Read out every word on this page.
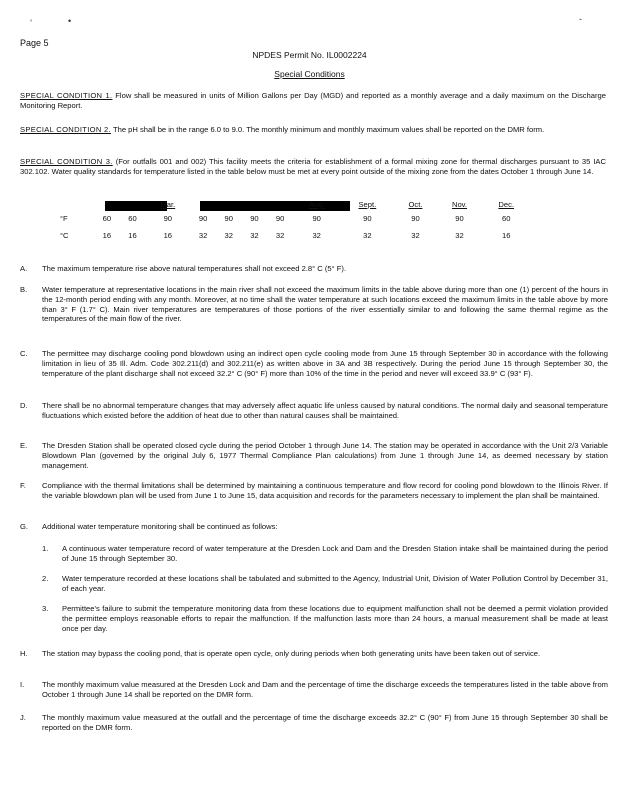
’	•	-
Page 5
NPDES Permit No. IL0002224
Special Conditions
SPECIAL CONDITION 1. Flow shall be measured in units of Million Gallons per Day (MGD) and reported as a monthly average and a daily maximum on the Discharge Monitoring Report.
SPECIAL CONDITION 2. The pH shall be in the range 6.0 to 9.0. The monthly minimum and monthly maximum values shall be reported on the DMR form.
SPECIAL CONDITION 3. (For outfalls 001 and 002) This facility meets the criteria for establishment of a formal mixing zone for thermal discharges pursuant to 35 IAC 302.102. Water quality standards for temperature listed in the table below must be met at every point outside of the mixing zone from the dates October 1 through June 14.
			Mar.					Aug.	Sept.	Oct.	Nov.	Dec.
°F	60	60	90	90	90	90	90	90	90	90	90	60
°C	16	16	16	32	32	32	32	32	32	32	32	16
A. The maximum temperature rise above natural temperatures shall not exceed 2.8° C (5° F).
B. Water temperature at representative locations in the main river shall not exceed the maximum limits in the table above during more than one (1) percent of the hours in the 12-month period ending with any month. Moreover, at no time shall the water temperature at such locations exceed the maximum limits in the table above by more than 3° F (1.7° C). Main river temperatures are temperatures of those portions of the river essentially similar to and following the same thermal regime as the temperatures of the main flow of the river.
C. The permittee may discharge cooling pond blowdown using an indirect open cycle cooling mode from June 15 through September 30 in accordance with the following limitation in lieu of 35 Ill. Adm. Code 302.211(d) and 302.211(e) as written above in 3A and 3B respectively. During the period June 15 through September 30, the temperature of the plant discharge shall not exceed 32.2° C (90° F) more than 10% of the time in the period and never will exceed 33.9° C (93° F).
D. There shall be no abnormal temperature changes that may adversely affect aquatic life unless caused by natural conditions. The normal daily and seasonal temperature fluctuations which existed before the addition of heat due to other than natural causes shall be maintained.
E. The Dresden Station shall be operated closed cycle during the period October 1 through June 14. The station may be operated in accordance with the Unit 2/3 Variable Blowdown Plan (governed by the original July 6, 1977 Thermal Compliance Plan calculations) from June 1 through June 14, as deemed necessary by station management.
F. Compliance with the thermal limitations shall be determined by maintaining a continuous temperature and flow record for cooling pond blowdown to the Illinois River. If the variable blowdown plan will be used from June 1 to June 15, data acquisition and records for the parameters necessary to implement the plan shall be maintained.
G. Additional water temperature monitoring shall be continued as follows:
1. A continuous water temperature record of water temperature at the Dresden Lock and Dam and the Dresden Station intake shall be maintained during the period of June 15 through September 30.
2. Water temperature recorded at these locations shall be tabulated and submitted to the Agency, Industrial Unit, Division of Water Pollution Control by December 31, of each year.
3. Permittee's failure to submit the temperature monitoring data from these locations due to equipment malfunction shall not be deemed a permit violation provided the permittee employs reasonable efforts to repair the malfunction. If the malfunction lasts more than 24 hours, a manual measurement shall be made at least once per day.
H. The station may bypass the cooling pond, that is operate open cycle, only during periods when both generating units have been taken out of service.
I. The monthly maximum value measured at the Dresden Lock and Dam and the percentage of time the discharge exceeds the temperatures listed in the table above from October 1 through June 14 shall be reported on the DMR form.
J. The monthly maximum value measured at the outfall and the percentage of time the discharge exceeds 32.2° C (90° F) from June 15 through September 30 shall be reported on the DMR form.
